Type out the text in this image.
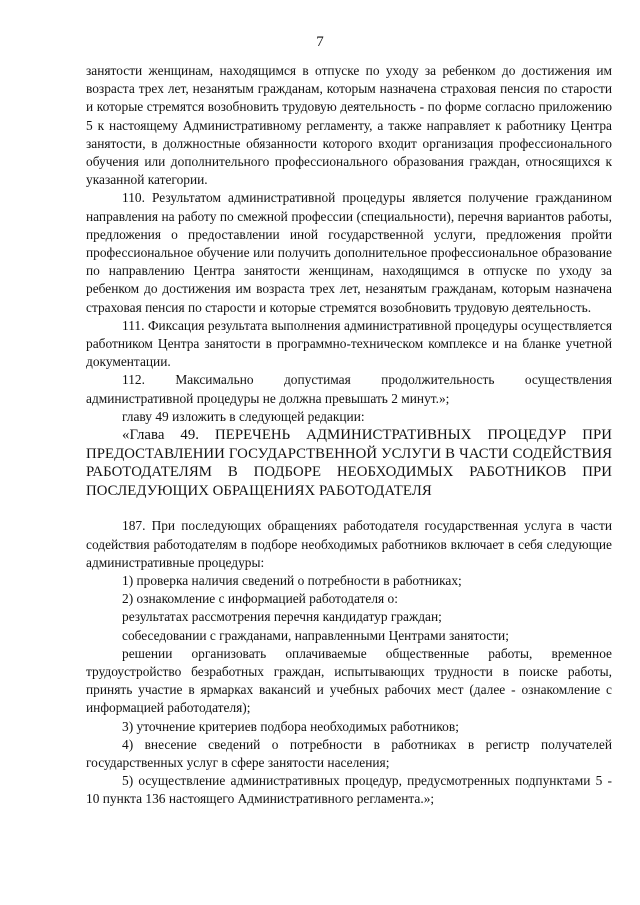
7

занятости женщинам, находящимся в отпуске по уходу за ребенком до достижения им возраста трех лет, незанятым гражданам, которым назначена страховая пенсия по старости и которые стремятся возобновить трудовую деятельность - по форме согласно приложению 5 к настоящему Административному регламенту, а также направляет к работнику Центра занятости, в должностные обязанности которого входит организация профессионального обучения или дополнительного профессионального образования граждан, относящихся к указанной категории.

110. Результатом административной процедуры является получение гражданином направления на работу по смежной профессии (специальности), перечня вариантов работы, предложения о предоставлении иной государственной услуги, предложения пройти профессиональное обучение или получить дополнительное профессиональное образование по направлению Центра занятости женщинам, находящимся в отпуске по уходу за ребенком до достижения им возраста трех лет, незанятым гражданам, которым назначена страховая пенсия по старости и которые стремятся возобновить трудовую деятельность.

111. Фиксация результата выполнения административной процедуры осуществляется работником Центра занятости в программно-техническом комплексе и на бланке учетной документации.

112. Максимально допустимая продолжительность осуществления административной процедуры не должна превышать 2 минут.»;

главу 49 изложить в следующей редакции:

«Глава 49. ПЕРЕЧЕНЬ АДМИНИСТРАТИВНЫХ ПРОЦЕДУР ПРИ ПРЕДОСТАВЛЕНИИ ГОСУДАРСТВЕННОЙ УСЛУГИ В ЧАСТИ СОДЕЙСТВИЯ РАБОТОДАТЕЛЯМ В ПОДБОРЕ НЕОБХОДИМЫХ РАБОТНИКОВ ПРИ ПОСЛЕДУЮЩИХ ОБРАЩЕНИЯХ РАБОТОДАТЕЛЯ

187. При последующих обращениях работодателя государственная услуга в части содействия работодателям в подборе необходимых работников включает в себя следующие административные процедуры:

1) проверка наличия сведений о потребности в работниках;

2) ознакомление с информацией работодателя о:

результатах рассмотрения перечня кандидатур граждан;

собеседовании с гражданами, направленными Центрами занятости;

решении организовать оплачиваемые общественные работы, временное трудоустройство безработных граждан, испытывающих трудности в поиске работы, принять участие в ярмарках вакансий и учебных рабочих мест (далее - ознакомление с информацией работодателя);

3) уточнение критериев подбора необходимых работников;

4) внесение сведений о потребности в работниках в регистр получателей государственных услуг в сфере занятости населения;

5) осуществление административных процедур, предусмотренных подпунктами 5 - 10 пункта 136 настоящего Административного регламента.»;
